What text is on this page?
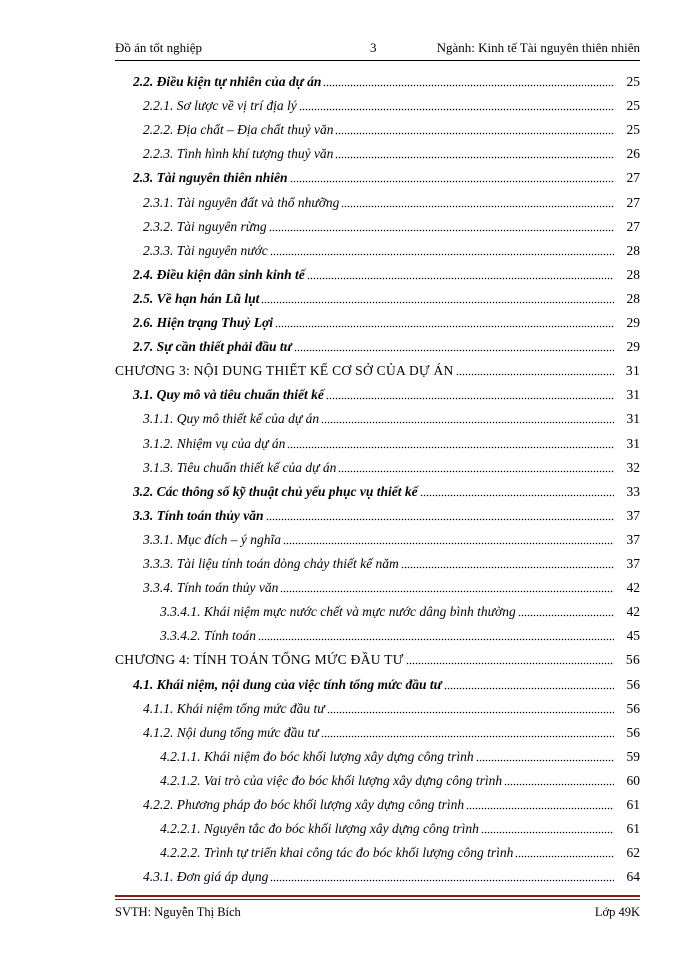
Đồ án tốt nghiệp	3	Ngành: Kinh tế Tài nguyên thiên nhiên
2.2. Điều kiện tự nhiên của dự án	25
2.2.1. Sơ lược về vị trí địa lý	25
2.2.2. Địa chất – Địa chất thuỷ văn	25
2.2.3. Tình hình khí tượng thuỷ văn	26
2.3. Tài nguyên thiên nhiên	27
2.3.1. Tài nguyên đất và thổ nhưỡng	27
2.3.2. Tài nguyên rừng	27
2.3.3. Tài nguyên nước	28
2.4. Điều kiện dân sinh kinh tế	28
2.5. Về hạn hán Lũ lụt	28
2.6. Hiện trạng Thuỷ Lợi	29
2.7. Sự cần thiết phải đầu tư	29
CHƯƠNG 3: NỘI DUNG THIẾT KẾ CƠ SỞ CỦA DỰ ÁN	31
3.1. Quy mô và tiêu chuẩn thiết kế	31
3.1.1. Quy mô thiết kế của dự án	31
3.1.2. Nhiệm vụ của dự án	31
3.1.3. Tiêu chuẩn thiết kế của dự án	32
3.2. Các thông số kỹ thuật chủ yếu phục vụ thiết kế	33
3.3. Tính toán thủy văn	37
3.3.1. Mục đích – ý nghĩa	37
3.3.3. Tài liệu tính toán dòng chảy thiết kế năm	37
3.3.4. Tính toán thủy văn	42
3.3.4.1. Khái niệm mực nước chết và mực nước dâng bình thường	42
3.3.4.2. Tính toán	45
CHƯƠNG 4: TÍNH TOÁN TỔNG MỨC ĐẦU TƯ	56
4.1. Khái niệm, nội dung của việc tính tổng mức đầu tư	56
4.1.1. Khái niệm tổng mức đầu tư	56
4.1.2. Nội dung tổng mức đầu tư	56
4.2.1.1. Khái niệm đo bóc khối lượng xây dựng công trình	59
4.2.1.2. Vai trò của việc đo bóc khối lượng xây dựng công trình	60
4.2.2. Phương pháp đo bóc khối lượng xây dựng công trình	61
4.2.2.1. Nguyên tắc đo bóc khối lượng xây dựng công trình	61
4.2.2.2. Trình tự triển khai công tác đo bóc khối lượng công trình	62
4.3.1. Đơn giá áp dụng	64
SVTH: Nguyễn Thị Bích	Lớp 49K
